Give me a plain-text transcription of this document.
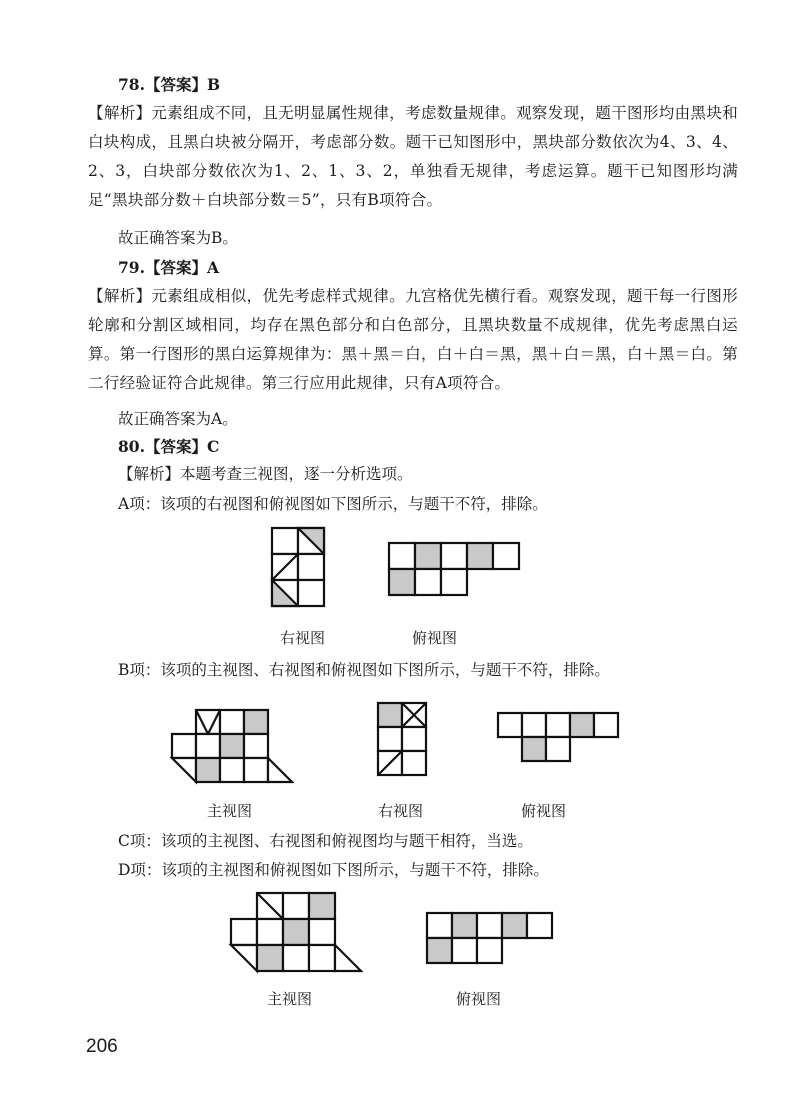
78.【答案】B
【解析】元素组成不同，且无明显属性规律，考虑数量规律。观察发现，题干图形均由黑块和白块构成，且黑白块被分隔开，考虑部分数。题干已知图形中，黑块部分数依次为4、3、4、2、3，白块部分数依次为1、2、1、3、2，单独看无规律，考虑运算。题干已知图形均满足“黑块部分数＋白块部分数＝5”，只有B项符合。
故正确答案为B。
79.【答案】A
【解析】元素组成相似，优先考虑样式规律。九宫格优先横行看。观察发现，题干每一行图形轮廓和分割区域相同，均存在黑色部分和白色部分，且黑块数量不成规律，优先考虑黑白运算。第一行图形的黑白运算规律为：黑＋黑＝白，白＋白＝黑，黑＋白＝黑，白＋黑＝白。第二行经验证符合此规律。第三行应用此规律，只有A项符合。
故正确答案为A。
80.【答案】C
【解析】本题考查三视图，逐一分析选项。
A项：该项的右视图和俯视图如下图所示，与题干不符，排除。
右视图	俯视图
B项：该项的主视图、右视图和俯视图如下图所示，与题干不符，排除。
主视图	右视图	俯视图
C项：该项的主视图、右视图和俯视图均与题干相符，当选。
D项：该项的主视图和俯视图如下图所示，与题干不符，排除。
主视图	俯视图
206
